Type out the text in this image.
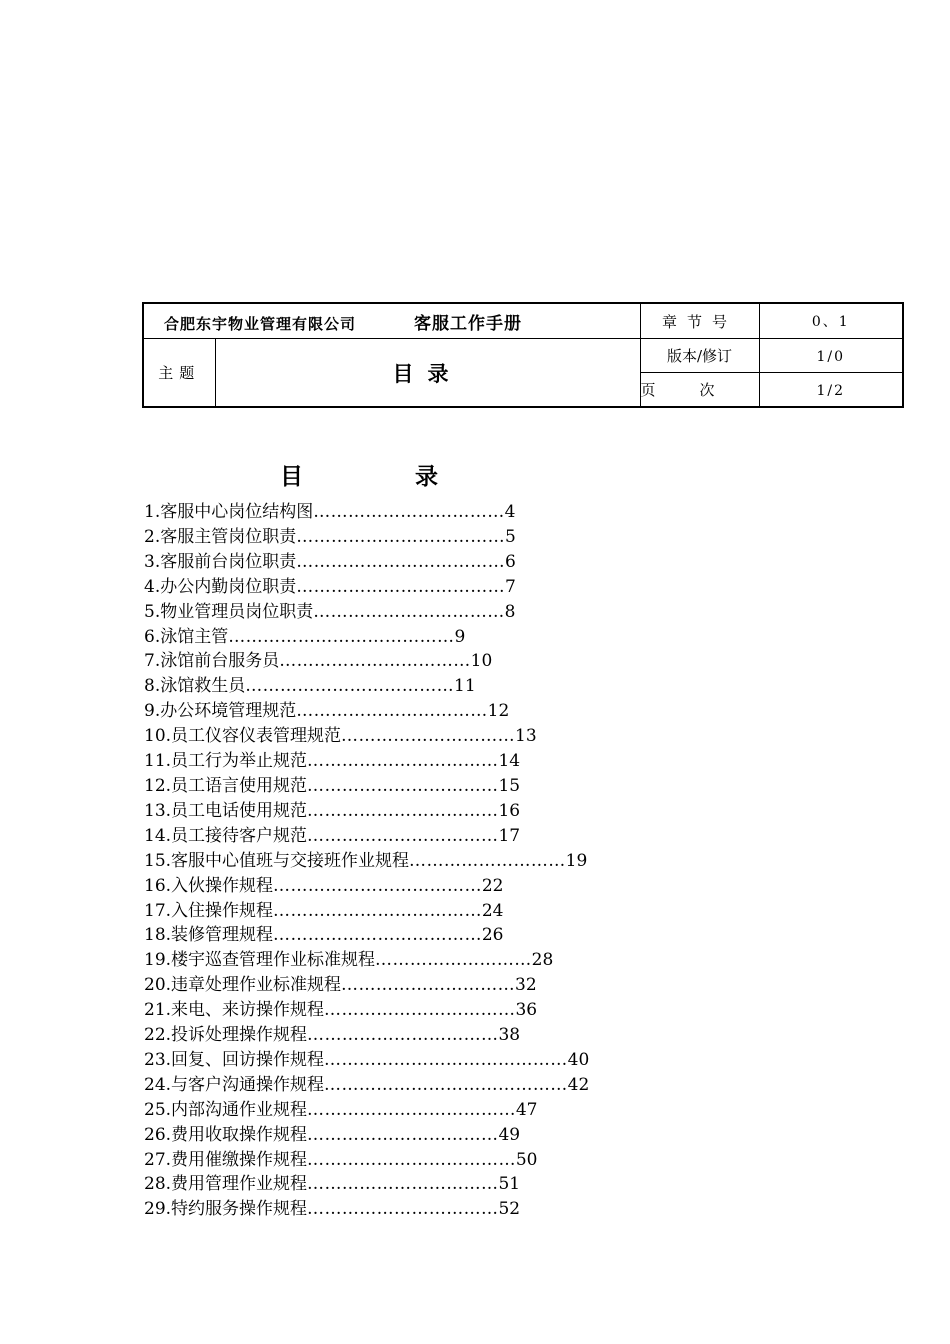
合肥东宇物业管理有限公司 客服工作手册		章节号	0、1
主题	目录	版本/修订	1/0
		页次	1/2
目	录
1.客服中心岗位结构图……………………………4
2.客服主管岗位职责………………………………5
3.客服前台岗位职责………………………………6
4.办公内勤岗位职责………………………………7
5.物业管理员岗位职责……………………………8
6.泳馆主管…………………………………9
7.泳馆前台服务员……………………………10
8.泳馆救生员………………………………11
9.办公环境管理规范……………………………12
10.员工仪容仪表管理规范…………………………13
11.员工行为举止规范……………………………14
12.员工语言使用规范……………………………15
13.员工电话使用规范……………………………16
14.员工接待客户规范……………………………17
15.客服中心值班与交接班作业规程………………………19
16.入伙操作规程………………………………22
17.入住操作规程………………………………24
18.装修管理规程………………………………26
19.楼宇巡查管理作业标准规程………………………28
20.违章处理作业标准规程…………………………32
21.来电、来访操作规程……………………………36
22.投诉处理操作规程……………………………38
23.回复、回访操作规程……………………………………40
24.与客户沟通操作规程……………………………………42
25.内部沟通作业规程………………………………47
26.费用收取操作规程……………………………49
27.费用催缴操作规程………………………………50
28.费用管理作业规程……………………………51
29.特约服务操作规程……………………………52
